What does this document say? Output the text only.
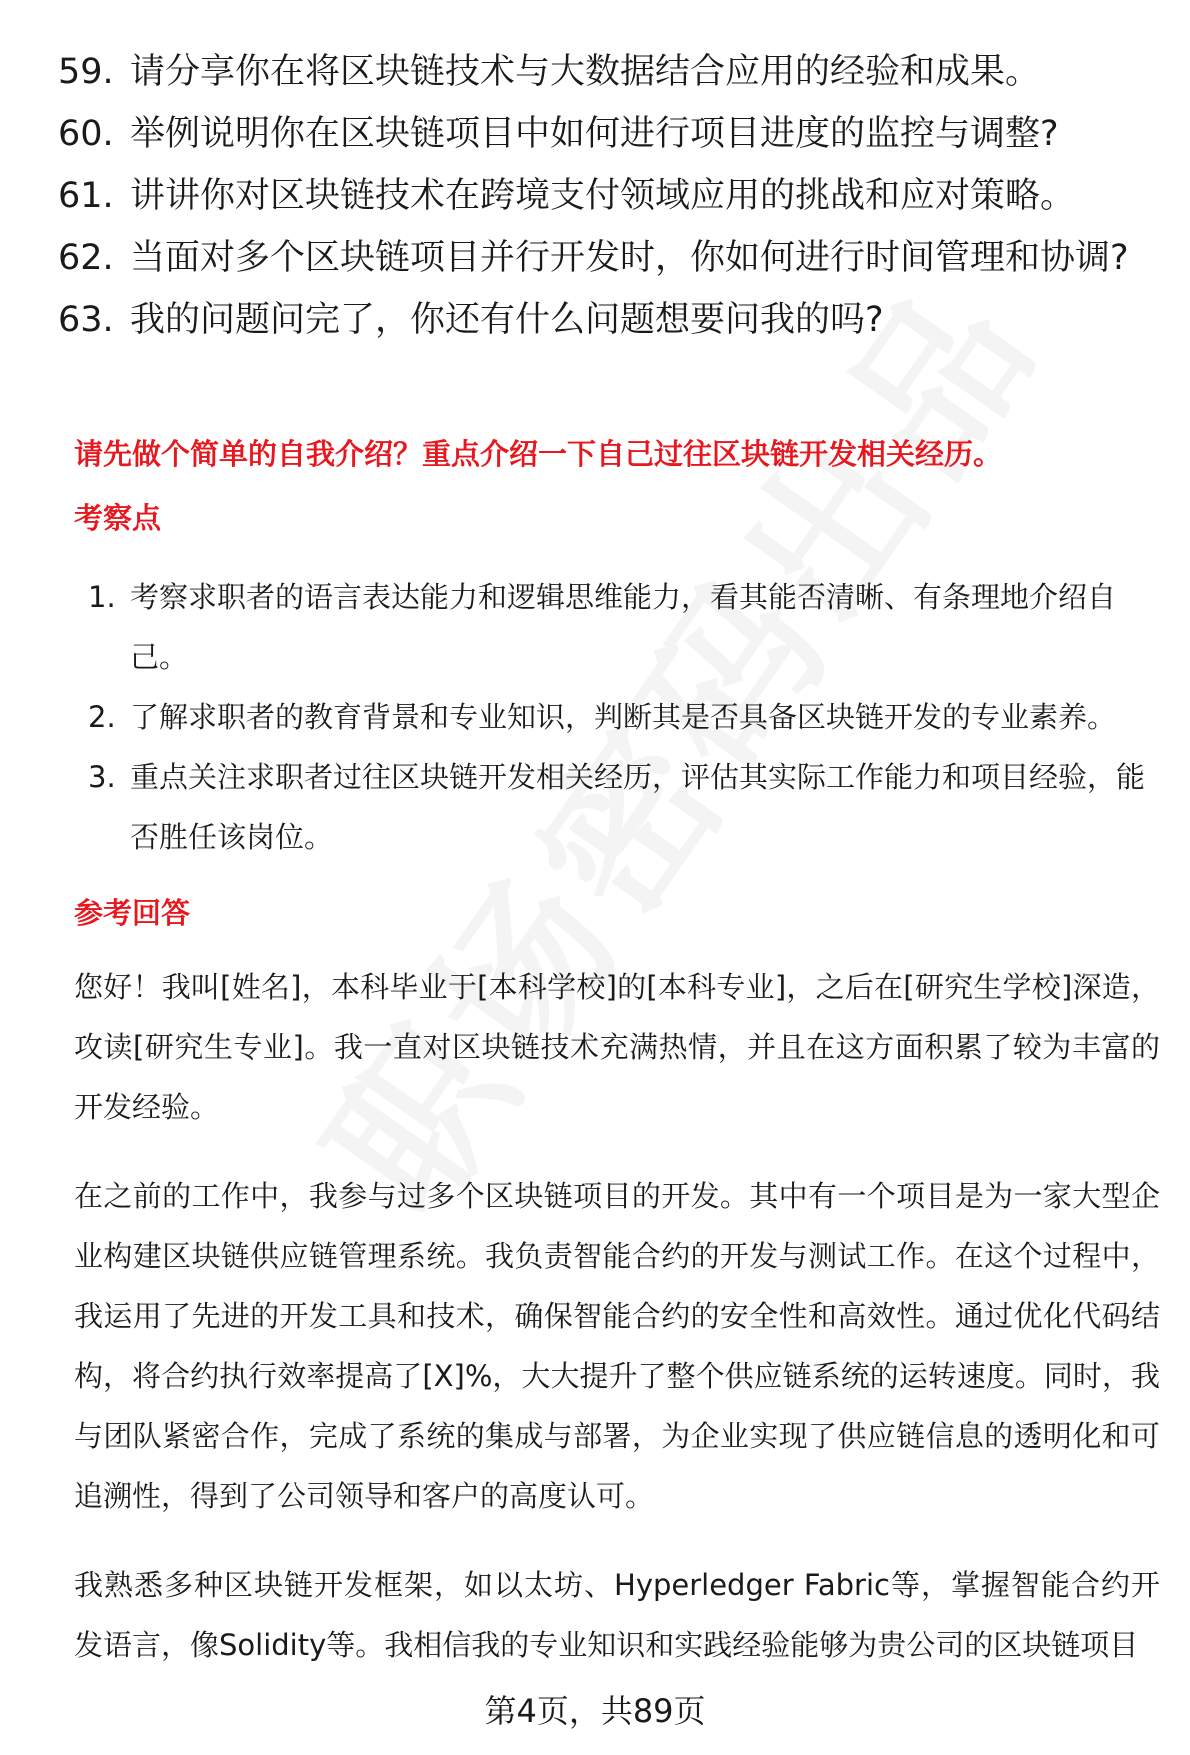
59. 请分享你在将区块链技术与大数据结合应用的经验和成果。
60. 举例说明你在区块链项目中如何进行项目进度的监控与调整?
61. 讲讲你对区块链技术在跨境支付领域应用的挑战和应对策略。
62. 当面对多个区块链项目并行开发时，你如何进行时间管理和协调?
63. 我的问题问完了，你还有什么问题想要问我的吗?
请先做个简单的自我介绍？重点介绍一下自己过往区块链开发相关经历。
考察点
1. 考察求职者的语言表达能力和逻辑思维能力，看其能否清晰、有条理地介绍自己。
2. 了解求职者的教育背景和专业知识，判断其是否具备区块链开发的专业素养。
3. 重点关注求职者过往区块链开发相关经历，评估其实际工作能力和项目经验，能否胜任该岗位。
参考回答
您好！我叫[姓名]，本科毕业于[本科学校]的[本科专业]，之后在[研究生学校]深造，攻读[研究生专业]。我一直对区块链技术充满热情，并且在这方面积累了较为丰富的开发经验。
在之前的工作中，我参与过多个区块链项目的开发。其中有一个项目是为一家大型企业构建区块链供应链管理系统。我负责智能合约的开发与测试工作。在这个过程中，我运用了先进的开发工具和技术，确保智能合约的安全性和高效性。通过优化代码结构，将合约执行效率提高了[X]%，大大提升了整个供应链系统的运转速度。同时，我与团队紧密合作，完成了系统的集成与部署，为企业实现了供应链信息的透明化和可追溯性，得到了公司领导和客户的高度认可。
我熟悉多种区块链开发框架，如以太坊、Hyperledger Fabric等，掌握智能合约开发语言，像Solidity等。我相信我的专业知识和实践经验能够为贵公司的区块链项目
第4页，共89页
